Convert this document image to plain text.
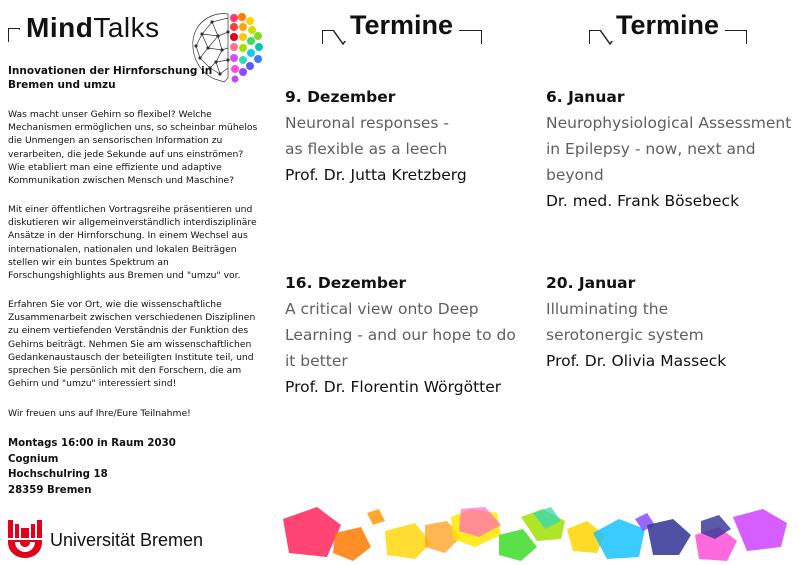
MindTalks
Innovationen der Hirnforschung in Bremen und umzu
Was macht unser Gehirn so flexibel? Welche Mechanismen ermöglichen uns, so scheinbar mühelos die Unmengen an sensorischen Information zu verarbeiten, die jede Sekunde auf uns einströmen? Wie etabliert man eine effiziente und adaptive Kommunikation zwischen Mensch und Maschine?
Mit einer öffentlichen Vortragsreihe präsentieren und diskutieren wir allgemeinverständlich interdisziplinäre Ansätze in der Hirnforschung. In einem Wechsel aus internationalen, nationalen und lokalen Beiträgen stellen wir ein buntes Spektrum an Forschungshighlights aus Bremen und "umzu" vor.
Erfahren Sie vor Ort, wie die wissenschaftliche Zusammenarbeit zwischen verschiedenen Disziplinen zu einem vertiefenden Verständnis der Funktion des Gehirns beiträgt. Nehmen Sie am wissenschaftlichen Gedankenaustausch der beteiligten Institute teil, und sprechen Sie persönlich mit den Forschern, die am Gehirn und "umzu" interessiert sind!
Wir freuen uns auf Ihre/Eure Teilnahme!
Montags 16:00 in Raum 2030
Cognium
Hochschulring 18
28359 Bremen
Universität Bremen
Termine	Termine
9. Dezember
Neuronal responses - as flexible as a leech
Prof. Dr. Jutta Kretzberg
16. Dezember
A critical view onto Deep Learning - and our hope to do it better
Prof. Dr. Florentin Wörgötter
6. Januar
Neurophysiological Assessment in Epilepsy - now, next and beyond
Dr. med. Frank Bösebeck
20. Januar
Illuminating the serotonergic system
Prof. Dr. Olivia Masseck
